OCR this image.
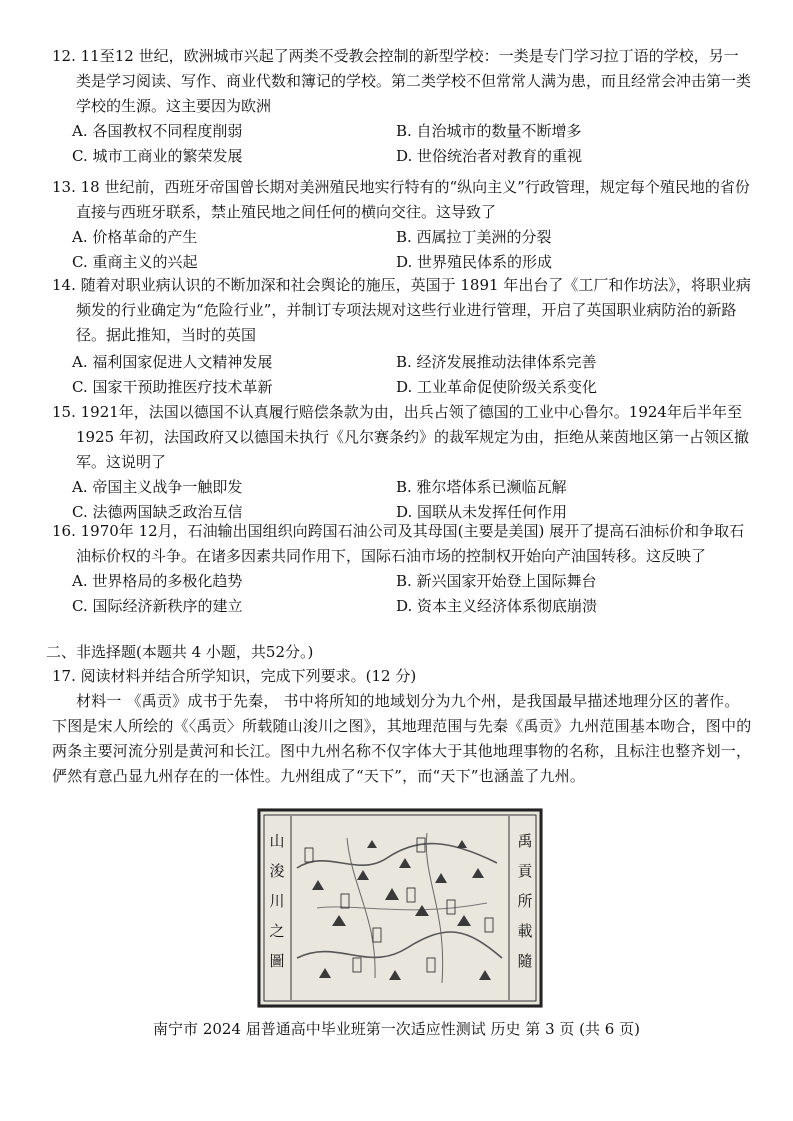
12. 11至12 世纪，欧洲城市兴起了两类不受教会控制的新型学校：一类是专门学习拉丁语的学校，另一类是学习阅读、写作、商业代数和簿记的学校。第二类学校不但常常人满为患，而且经常会冲击第一类学校的生源。这主要因为欧洲
A. 各国教权不同程度削弱	B. 自治城市的数量不断增多
C. 城市工商业的繁荣发展	D. 世俗统治者对教育的重视
13. 18 世纪前，西班牙帝国曾长期对美洲殖民地实行特有的“纵向主义”行政管理，规定每个殖民地的省份直接与西班牙联系，禁止殖民地之间任何的横向交往。这导致了
A. 价格革命的产生	B. 西属拉丁美洲的分裂
C. 重商主义的兴起	D. 世界殖民体系的形成
14. 随着对职业病认识的不断加深和社会舆论的施压，英国于 1891 年出台了《工厂和作坊法》，将职业病频发的行业确定为“危险行业”，并制订专项法规对这些行业进行管理，开启了英国职业病防治的新路径。据此推知，当时的英国
A. 福利国家促进人文精神发展	B. 经济发展推动法律体系完善
C. 国家干预助推医疗技术革新	D. 工业革命促使阶级关系变化
15. 1921年，法国以德国不认真履行赔偿条款为由，出兵占领了德国的工业中心鲁尔。1924年后半年至 1925 年初，法国政府又以德国未执行《凡尔赛条约》的裁军规定为由，拒绝从莱茵地区第一占领区撤军。这说明了
A. 帝国主义战争一触即发	B. 雅尔塔体系已濒临瓦解
C. 法德两国缺乏政治互信	D. 国联从未发挥任何作用
16. 1970年 12月，石油输出国组织向跨国石油公司及其母国(主要是美国) 展开了提高石油标价和争取石油标价权的斗争。在诸多因素共同作用下，国际石油市场的控制权开始向产油国转移。这反映了
A. 世界格局的多极化趋势	B. 新兴国家开始登上国际舞台
C. 国际经济新秩序的建立	D. 资本主义经济体系彻底崩溃
二、非选择题(本题共 4 小题，共52分。)
17. 阅读材料并结合所学知识，完成下列要求。(12 分)
材料一 《禹贡》成书于先秦， 书中将所知的地域划分为九个州，是我国最早描述地理分区的著作。下图是宋人所绘的《〈禹贡〉所载随山浚川之图》，其地理范围与先秦《禹贡》九州范围基本吻合，图中的两条主要河流分别是黄河和长江。图中九州名称不仅字体大于其他地理事物的名称，且标注也整齐划一，俨然有意凸显九州存在的一体性。九州组成了“天下”，而“天下”也涵盖了九州。
山
浚
川
之
圖
禹
貢
所
載
隨
南宁市 2024 届普通高中毕业班第一次适应性测试 历史 第 3 页 (共 6 页)
